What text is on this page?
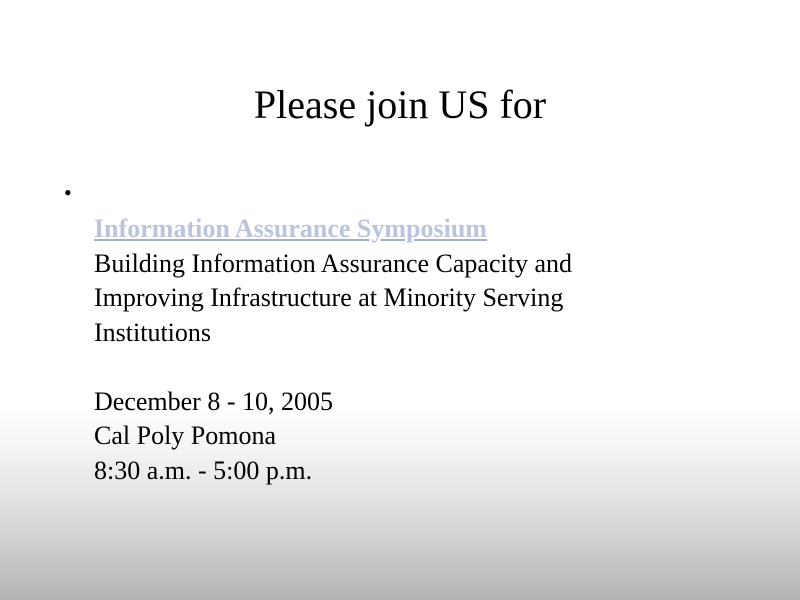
Please join US for
•
Information Assurance Symposium
Building Information Assurance Capacity and
Improving Infrastructure at Minority Serving
Institutions
December 8 - 10, 2005
Cal Poly Pomona
8:30 a.m. - 5:00 p.m.
